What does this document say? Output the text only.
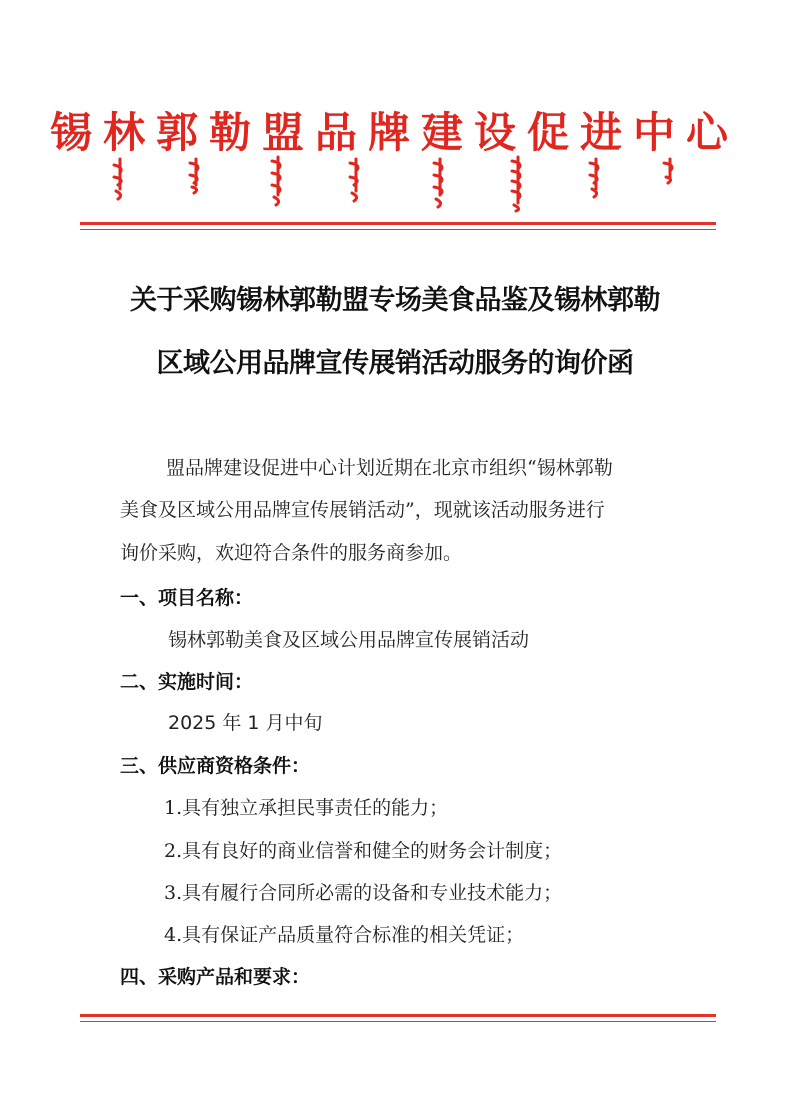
锡林郭勒盟品牌建设促进中心
关于采购锡林郭勒盟专场美食品鉴及锡林郭勒
区域公用品牌宣传展销活动服务的询价函
盟品牌建设促进中心计划近期在北京市组织“锡林郭勒
美食及区域公用品牌宣传展销活动”，现就该活动服务进行
询价采购，欢迎符合条件的服务商参加。
一、项目名称：
锡林郭勒美食及区域公用品牌宣传展销活动
二、实施时间：
2025 年 1 月中旬
三、供应商资格条件：
1.具有独立承担民事责任的能力；
2.具有良好的商业信誉和健全的财务会计制度；
3.具有履行合同所必需的设备和专业技术能力；
4.具有保证产品质量符合标准的相关凭证；
四、采购产品和要求：
